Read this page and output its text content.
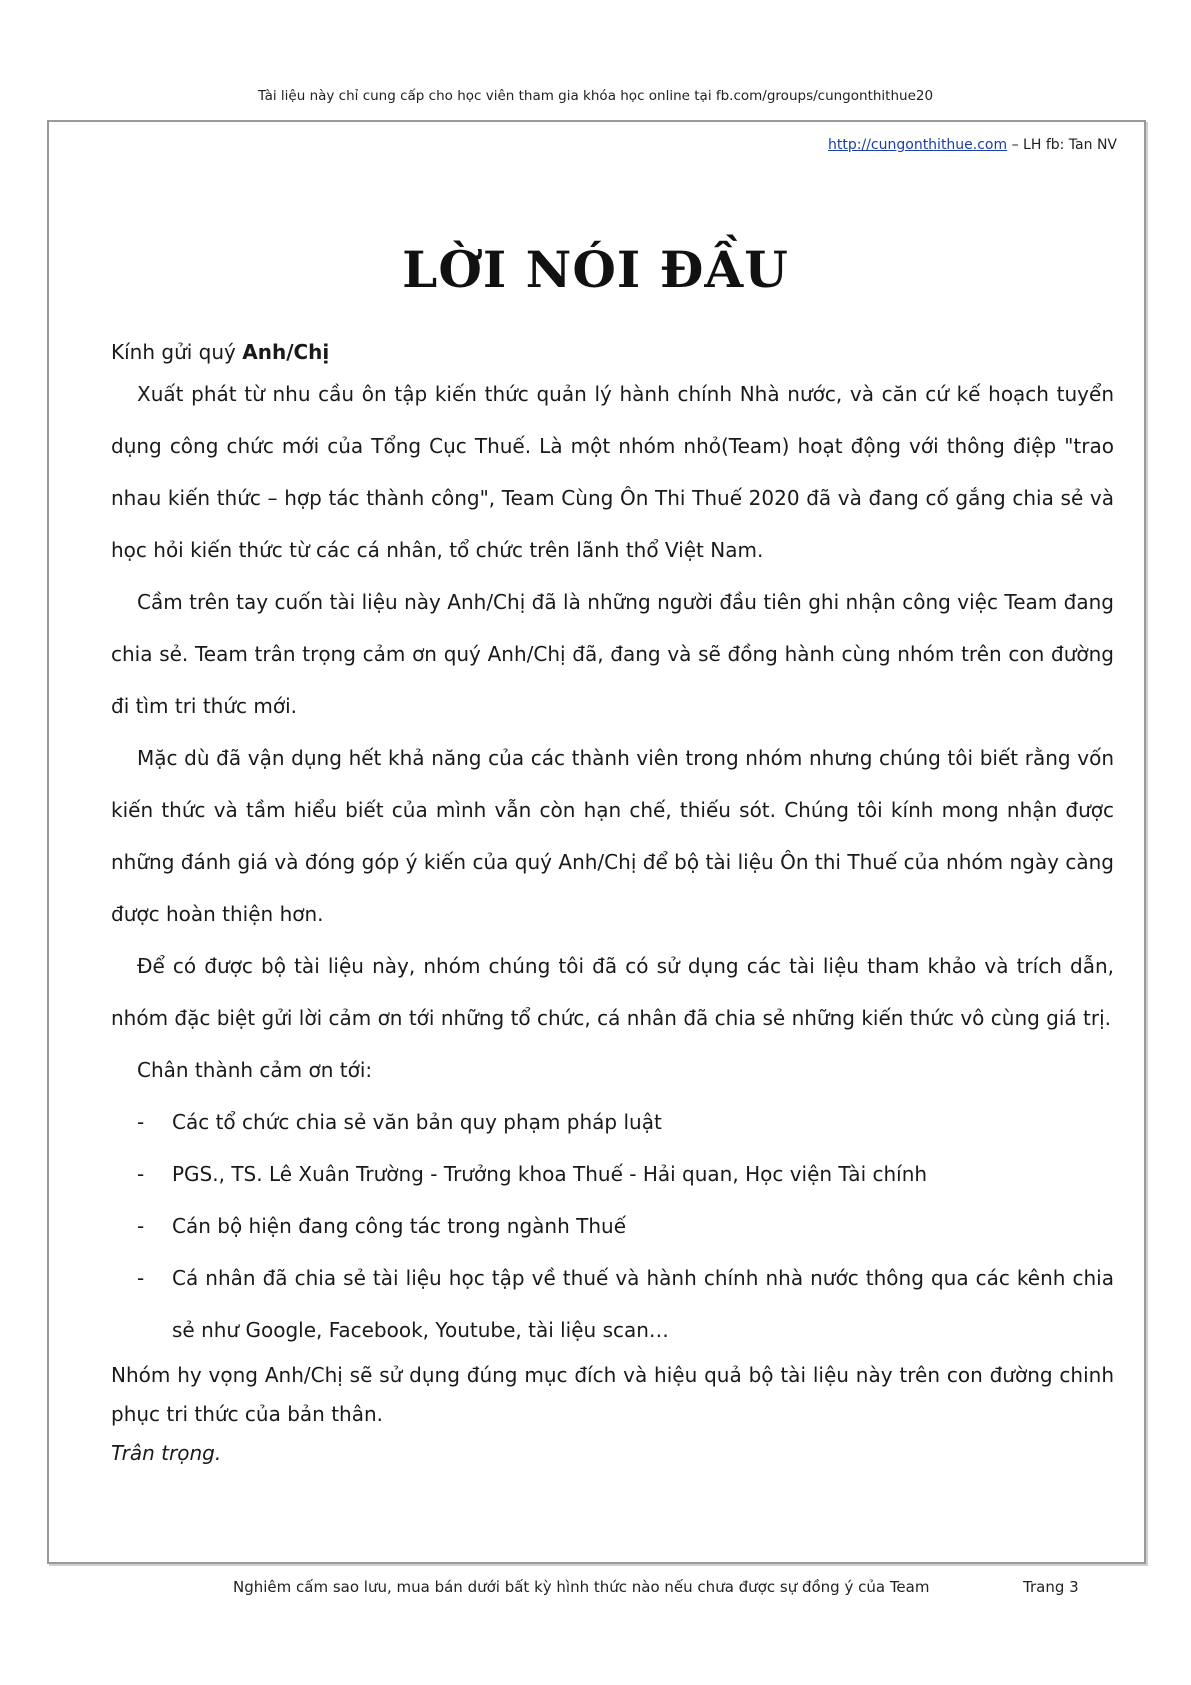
Tài liệu này chỉ cung cấp cho học viên tham gia khóa học online tại fb.com/groups/cungonthithue20
http://cungonthithue.com – LH fb: Tan NV
LỜI NÓI ĐẦU

Kính gửi quý Anh/Chị

Xuất phát từ nhu cầu ôn tập kiến thức quản lý hành chính Nhà nước, và căn cứ kế hoạch tuyển dụng công chức mới của Tổng Cục Thuế. Là một nhóm nhỏ(Team) hoạt động với thông điệp "trao nhau kiến thức – hợp tác thành công", Team Cùng Ôn Thi Thuế 2020 đã và đang cố gắng chia sẻ và học hỏi kiến thức từ các cá nhân, tổ chức trên lãnh thổ Việt Nam.

Cầm trên tay cuốn tài liệu này Anh/Chị đã là những người đầu tiên ghi nhận công việc Team đang chia sẻ. Team trân trọng cảm ơn quý Anh/Chị đã, đang và sẽ đồng hành cùng nhóm trên con đường đi tìm tri thức mới.

Mặc dù đã vận dụng hết khả năng của các thành viên trong nhóm nhưng chúng tôi biết rằng vốn kiến thức và tầm hiểu biết của mình vẫn còn hạn chế, thiếu sót. Chúng tôi kính mong nhận được những đánh giá và đóng góp ý kiến của quý Anh/Chị để bộ tài liệu Ôn thi Thuế của nhóm ngày càng được hoàn thiện hơn.

Để có được bộ tài liệu này, nhóm chúng tôi đã có sử dụng các tài liệu tham khảo và trích dẫn, nhóm đặc biệt gửi lời cảm ơn tới những tổ chức, cá nhân đã chia sẻ những kiến thức vô cùng giá trị.

Chân thành cảm ơn tới:

- Các tổ chức chia sẻ văn bản quy phạm pháp luật
- PGS., TS. Lê Xuân Trường - Trưởng khoa Thuế - Hải quan, Học viện Tài chính
- Cán bộ hiện đang công tác trong ngành Thuế
- Cá nhân đã chia sẻ tài liệu học tập về thuế và hành chính nhà nước thông qua các kênh chia sẻ như Google, Facebook, Youtube, tài liệu scan…

Nhóm hy vọng Anh/Chị sẽ sử dụng đúng mục đích và hiệu quả bộ tài liệu này trên con đường chinh phục tri thức của bản thân.

Trân trọng.

Nghiêm cấm sao lưu, mua bán dưới bất kỳ hình thức nào nếu chưa được sự đồng ý của Team	Trang 3
